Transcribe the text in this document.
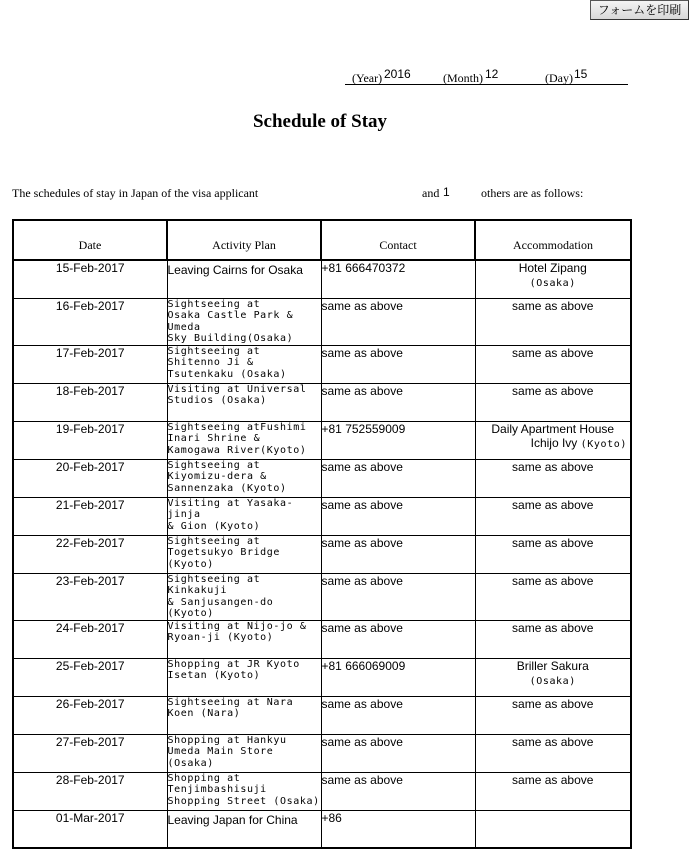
フォームを印刷
(Year) 2016	(Month) 12	(Day) 15
Schedule of Stay
The schedules of stay in Japan of the visa applicant	and 1	others are as follows:
Date	Activity Plan	Contact	Accommodation
15-Feb-2017	Leaving Cairns for Osaka	+81 666470372	Hotel Zipang
(Osaka)
16-Feb-2017	Sightseeing at
Osaka Castle Park & Umeda
Sky Building(Osaka)	same as above	same as above

17-Feb-2017	Sightseeing at
Shitenno Ji &
Tsutenkaku (Osaka)	same as above	same as above

18-Feb-2017	Visiting at Universal
Studios (Osaka)	same as above	same as above

19-Feb-2017	Sightseeing atFushimi
Inari Shrine &
Kamogawa River(Kyoto)	+81 752559009	Daily Apartment House
Ichijo Ivy (Kyoto)

20-Feb-2017	Sightseeing at
Kiyomizu-dera &
Sannenzaka (Kyoto)	same as above	same as above

21-Feb-2017	Visiting at Yasaka-jinja
& Gion (Kyoto)	same as above	same as above

22-Feb-2017	Sightseeing at
Togetsukyo Bridge
(Kyoto)	same as above	same as above

23-Feb-2017	Sightseeing at Kinkakuji
& Sanjusangen-do
(Kyoto)	same as above	same as above

24-Feb-2017	Visiting at Nijo-jo &
Ryoan-ji (Kyoto)	same as above	same as above

25-Feb-2017	Shopping at JR Kyoto
Isetan (Kyoto)	+81 666069009	Briller Sakura
(Osaka)
26-Feb-2017	Sightseeing at Nara
Koen (Nara)	same as above	same as above

27-Feb-2017	Shopping at Hankyu
Umeda Main Store
(Osaka)	same as above	same as above

28-Feb-2017	Shopping at
Tenjimbashisuji
Shopping Street (Osaka)	same as above	same as above

01-Mar-2017	Leaving Japan for China	+86	
